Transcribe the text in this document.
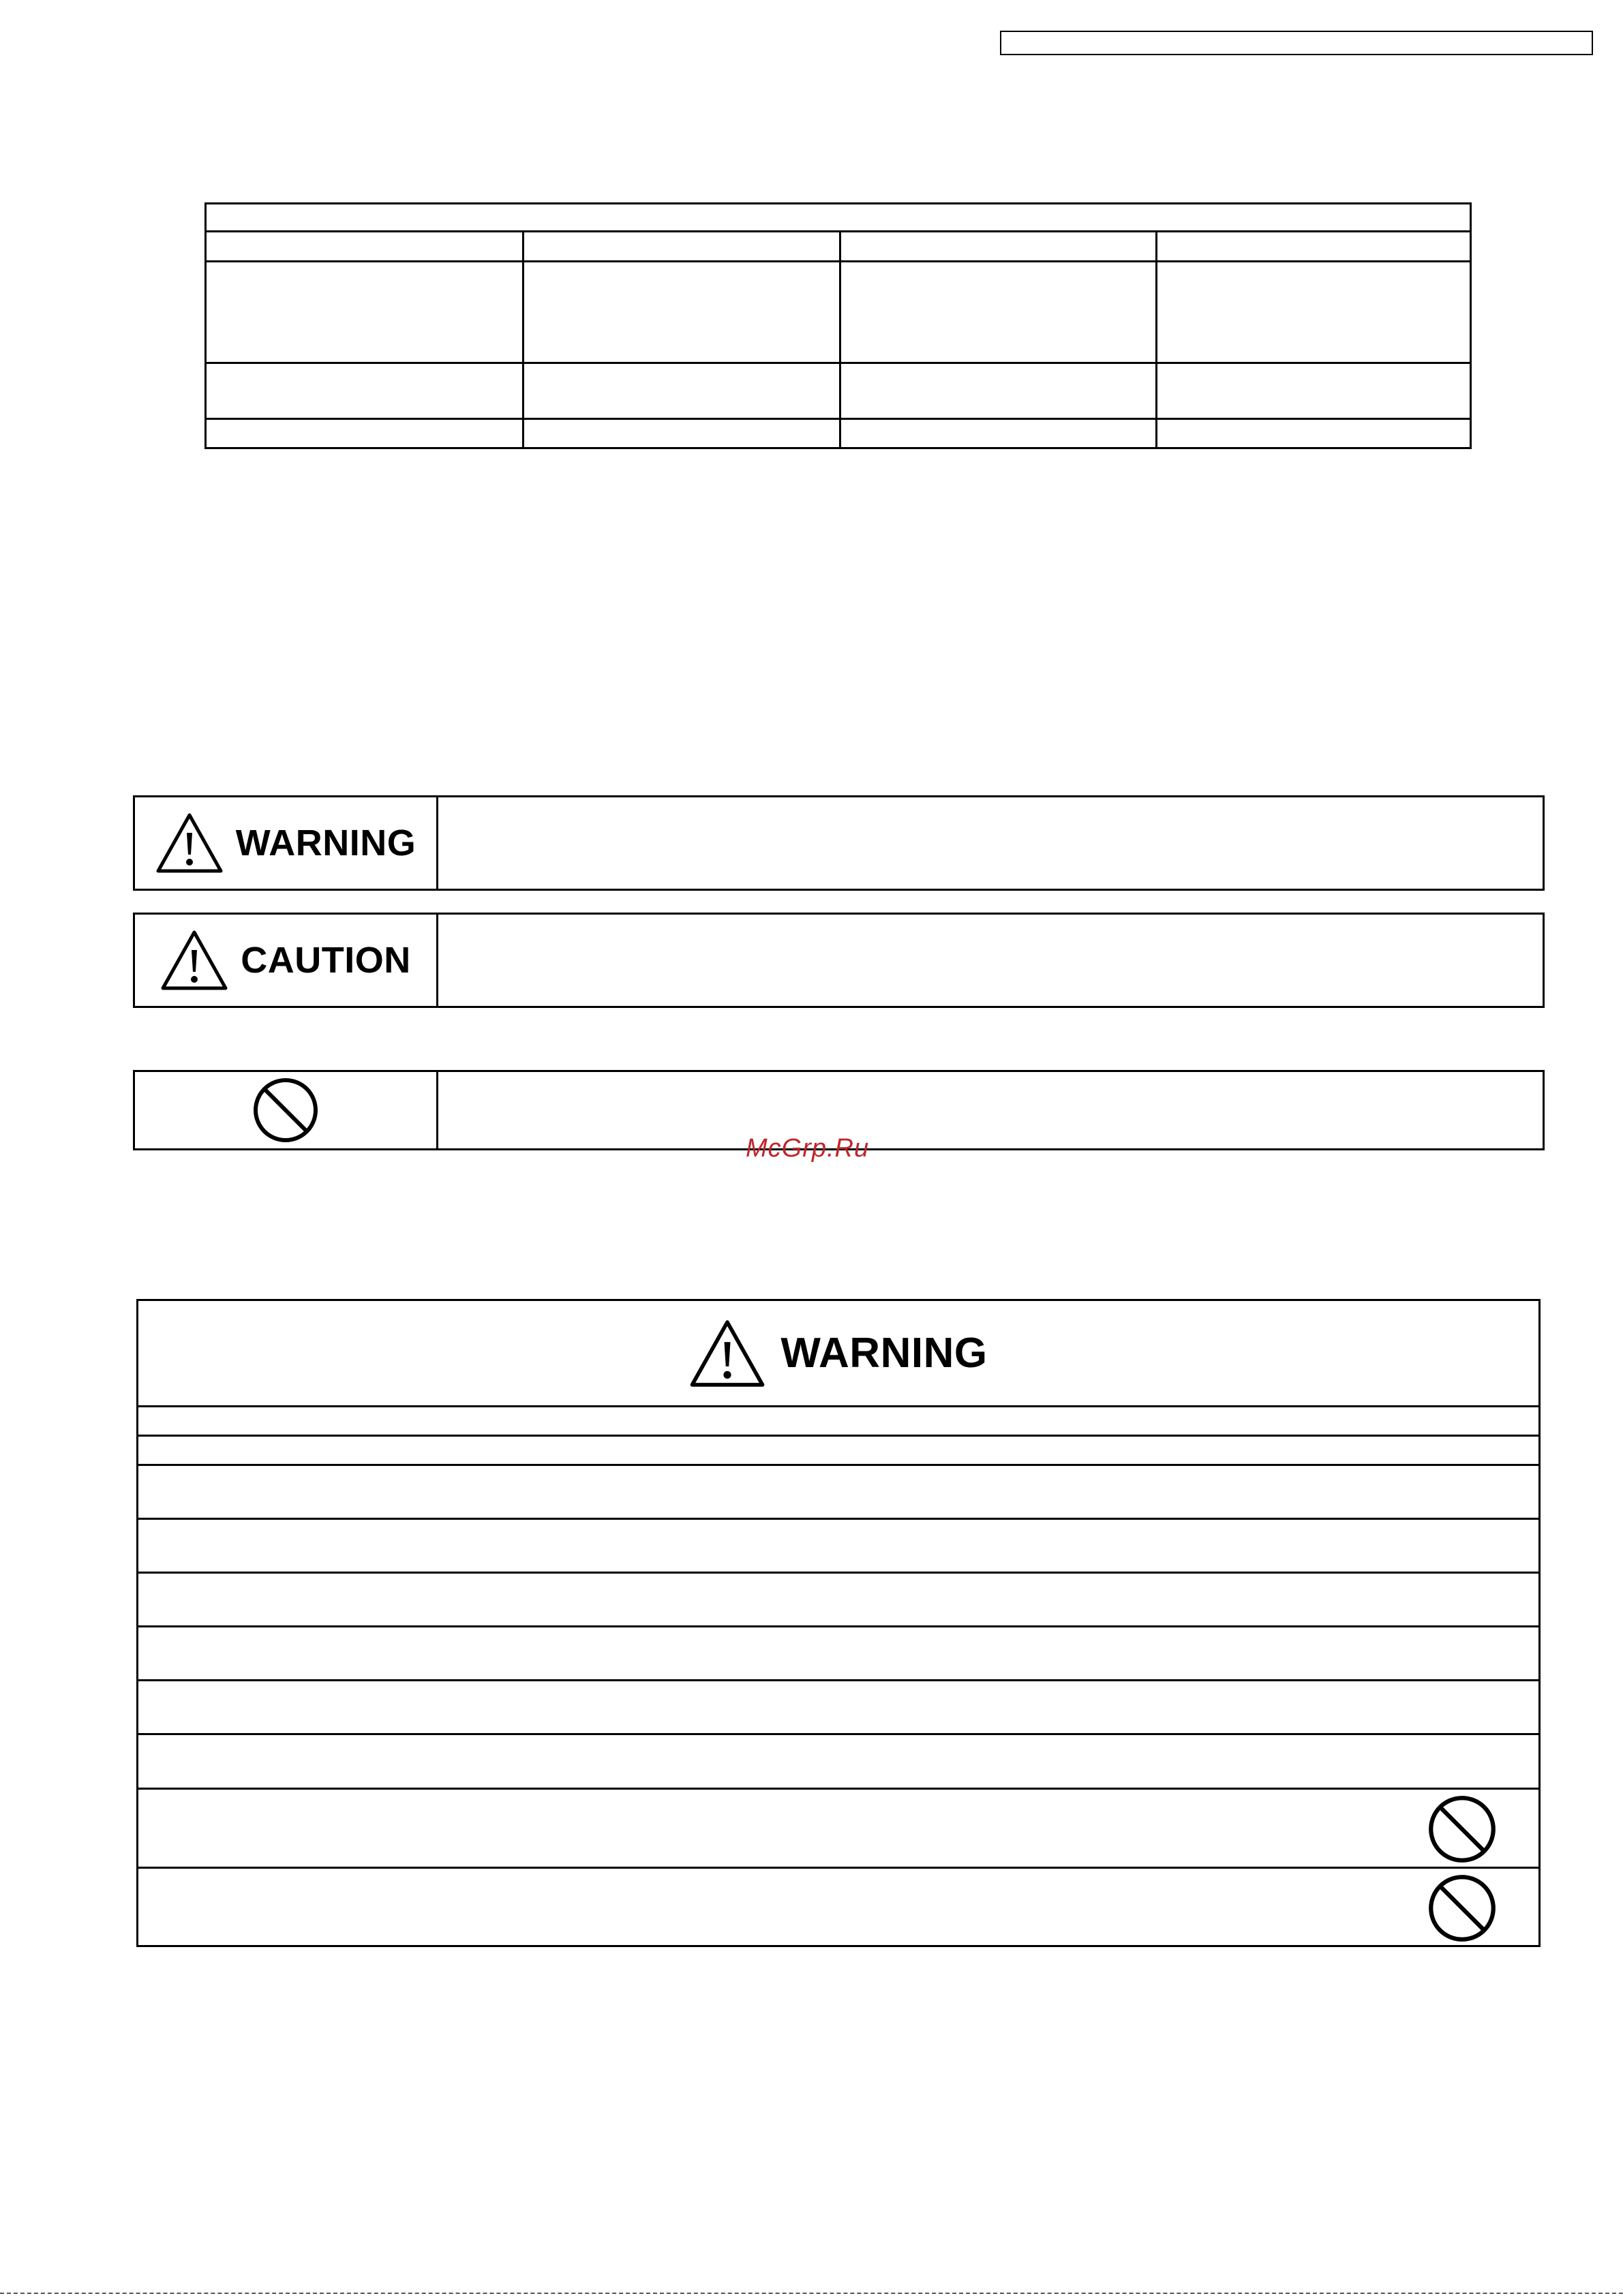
WARNING
CAUTION
McGrp.Ru
WARNING
